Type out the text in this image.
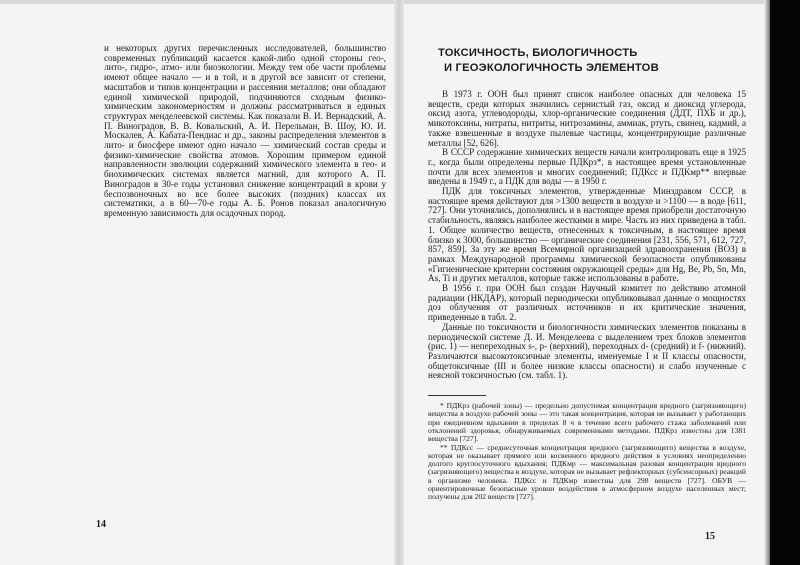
и некоторых других перечисленных исследователей, большинство современных публикаций касается какой-либо одной стороны гео-, лито-, гидро-, атмо- или биоэкологии. Между тем обе части проблемы имеют общее начало — и в той, и в другой все зависит от степени, масштабов и типов концентрации и рассеяния металлов; они обладают единой химической природой, подчиняются сходным физико-химическим закономерностям и должны рассматриваться в единых структурах менделеевской системы. Как показали В. И. Вернадский, А. П. Виноградов, В. В. Ковальский, А. И. Перельман, В. Шоу, Ю. И. Москалев, А. Кабата-Пендиас и др., законы распределения элементов в лито- и биосфере имеют одно начало — химический состав среды и физико-химические свойства атомов. Хорошим примером единой направленности эволюции содержаний химического элемента в гео- и биохимических системах является магний, для которого А. П. Виноградов в 30-е годы установил снижение концентраций в крови у беспозвоночных во все более высоких (поздних) классах их систематики, а в 60—70-е годы А. Б. Ронов показал аналогичную временную зависимость для осадочных пород.

14
ТОКСИЧНОСТЬ, БИОЛОГИЧНОСТЬ
И ГЕОЭКОЛОГИЧНОСТЬ ЭЛЕМЕНТОВ

В 1973 г. ООН был принят список наиболее опасных для человека 15 веществ, среди которых значились сернистый газ, оксид и диоксид углерода, оксид азота, углеводороды, хлор-органические соединения (ДДТ, ПХБ и др.), микотоксины, нитраты, нитриты, нитрозамины, аммиак, ртуть, свинец, кадмий, а также взвешенные в воздухе пылевые частицы, концентрирующие различные металлы [52, 626].

В СССР содержание химических веществ начали контролировать еще в 1925 г., когда были определены первые ПДКрз*, в настоящее время установленные почти для всех элементов и многих соединений; ПДКсс и ПДКмр** впервые введены в 1949 г., а ПДК для воды — в 1950 г.

ПДК для токсичных элементов, утвержденные Минздравом СССР, в настоящее время действуют для >1300 веществ в воздухе и >1100 — в воде [611, 727]. Они уточнялись, дополнялись и в настоящее время приобрели достаточную стабильность, являясь наиболее жесткими в мире. Часть из них приведена в табл. 1. Общее количество веществ, отнесенных к токсичным, в настоящее время близко к 3000, большинство — органические соединения [231, 556, 571, 612, 727, 857, 859]. За эту же время Всемирной организацией здравоохранения (ВОЗ) в рамках Международной программы химической безопасности опубликованы «Гигиенические критерии состояния окружающей среды» для Hg, Be, Pb, Sn, Mn, As, Ti и других металлов, которые также использованы в работе.

В 1956 г. при ООН был создан Научный комитет по действию атомной радиации (НКДАР), который периодически опубликовывал данные о мощностях доз облучения от различных источников и их критические значения, приведенные в табл. 2.

Данные по токсичности и биологичности химических элементов показаны в периодической системе Д. И. Менделеева с выделением трех блоков элементов (рис. 1) — непереходных s-, p- (верхний), переходных d- (средний) и f- (нижний). Различаются высокотоксичные элементы, именуемые I и II классы опасности, общетоксичные (III и более низкие классы опасности) и слабо изученные с неясной токсичностью (см. табл. 1).

* ПДКрз (рабочей зоны) — предельно допустимая концентрация вредного (загрязняющего) вещества в воздухе рабочей зоны — это такая концентрация, которая не вызывает у работающих при ежедневном вдыхании в пределах 8 ч в течение всего рабочего стажа заболеваний или отклонений здоровья, обнаруживаемых современными методами. ПДКрз известны для 1381 вещества [727].

** ПДКсс — среднесуточная концентрация вредного (загрязняющего) вещества в воздухе, которая не оказывает прямого или косвенного вредного действия в условиях неопределенно долгого круглосуточного вдыхания; ПДКмр — максимальная разовая концентрация вредного (загрязняющего) вещества в воздухе, которая не вызывает рефлекторных (субсенсорных) реакций в организме человека. ПДКсс и ПДКмр известны для 298 веществ [727]. ОБУВ — ориентировочные безопасные уровни воздействия в атмосферном воздухе населенных мест; получены для 202 веществ [727].

15
